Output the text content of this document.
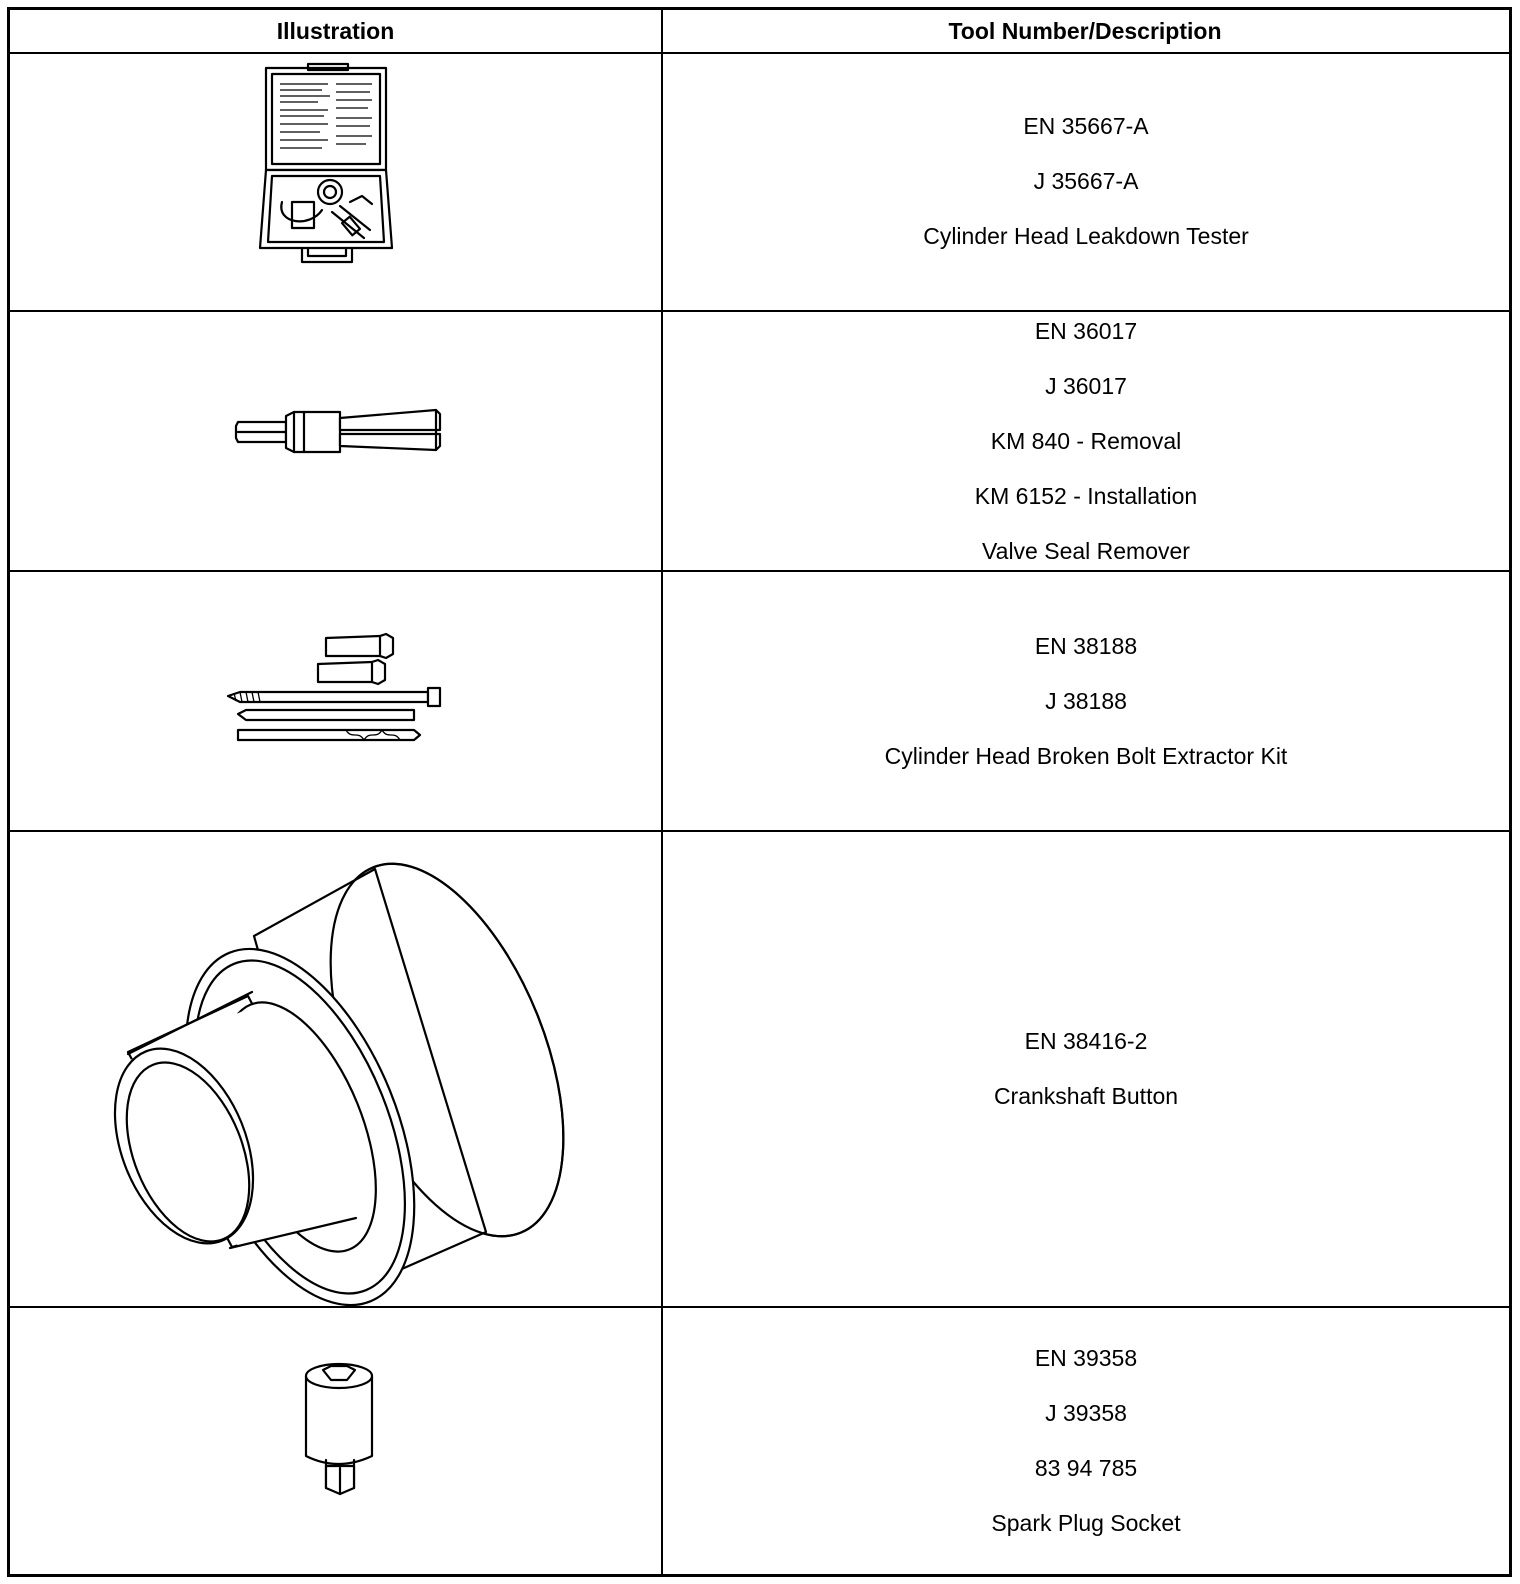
Illustration	Tool Number/Description
EN 35667-A
J 35667-A
Cylinder Head Leakdown Tester
EN 36017
J 36017
KM 840 - Removal
KM 6152 - Installation
Valve Seal Remover
EN 38188
J 38188
Cylinder Head Broken Bolt Extractor Kit
EN 38416-2
Crankshaft Button
EN 39358
J 39358
83 94 785
Spark Plug Socket
